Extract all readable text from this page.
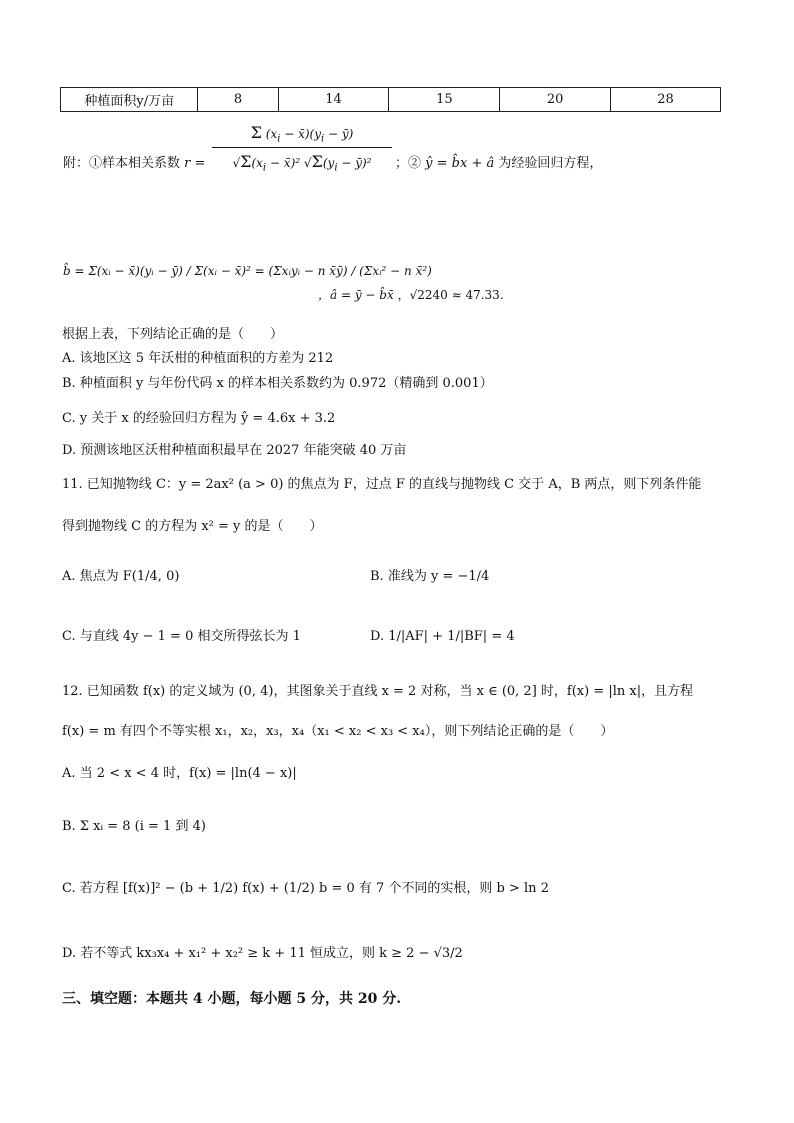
种植面积y/万亩	8	14	15	20	28
附：①样本相关系数 r =
Σ ($x_i$ − $x̄)(y_i$ − ȳ)
$√\Sigma(x_i$ − x̄)² $√\Sigma(y_i$ − ȳ)²	；② ŷ = b̂x + â 为经验回归方程，
b̂ = Σ(xᵢ − x̄)(yᵢ − ȳ) / Σ(xᵢ − x̄)² = (Σxᵢyᵢ − n x̄ȳ) / (Σxᵢ² − n x̄²)
，â = ȳ − b̂x̄ ，√2240 ≈ 47.33.
根据上表，下列结论正确的是（　　）
A. 该地区这 5 年沃柑的种植面积的方差为 212
B. 种植面积 y 与年份代码 x 的样本相关系数约为 0.972（精确到 0.001）
C. y 关于 x 的经验回归方程为 ŷ = 4.6x + 3.2
D. 预测该地区沃柑种植面积最早在 2027 年能突破 40 万亩
11. 已知抛物线 C：y = 2ax² (a > 0) 的焦点为 F，过点 F 的直线与抛物线 C 交于 A，B 两点，则下列条件能
得到抛物线 C 的方程为 x² = y 的是（　　）
A. 焦点为 F(1/4, 0)	B. 准线为 y = −1/4
C. 与直线 4y − 1 = 0 相交所得弦长为 1	D. 1/|AF| + 1/|BF| = 4
12. 已知函数 f(x) 的定义域为 (0, 4)，其图象关于直线 x = 2 对称，当 x ∈ (0, 2] 时，f(x) = |ln x|，且方程
f(x) = m 有四个不等实根 x₁，x₂，x₃，x₄（x₁ < x₂ < x₃ < x₄），则下列结论正确的是（　　）
A. 当 2 < x < 4 时，f(x) = |ln(4 − x)|
B. Σ xᵢ = 8 (i = 1 到 4)
C. 若方程 [f(x)]² − (b + 1/2) f(x) + (1/2) b = 0 有 7 个不同的实根，则 b > ln 2
D. 若不等式 kx₃x₄ + x₁² + x₂² ≥ k + 11 恒成立，则 k ≥ 2 − √3/2
三、填空题：本题共 4 小题，每小题 5 分，共 20 分.
